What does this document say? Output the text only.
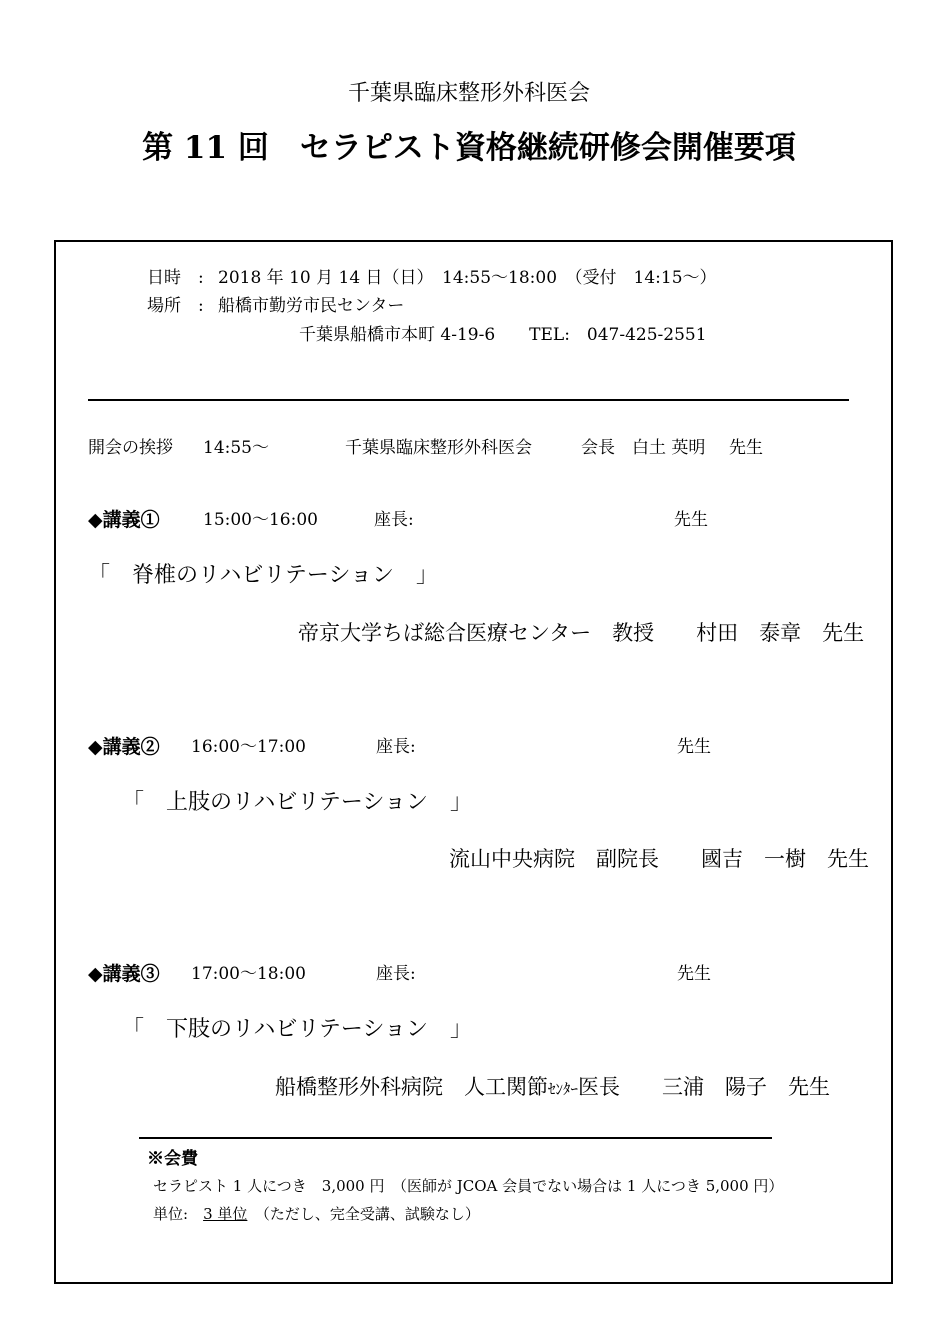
千葉県臨床整形外科医会
第 11 回　セラピスト資格継続研修会開催要項
日時 : 2018 年 10 月 14 日（日）　14:55〜18:00　（受付　14:15〜）
場所 : 船橋市勤労市民センター
千葉県船橋市本町 4-19-6　　TEL:　047-425-2551
開会の挨拶 14:55〜	千葉県臨床整形外科医会	会長 白土 英明 先生
◆講義①	15:00〜16:00	座長:	先生
「　脊椎のリハビリテーション　」
帝京大学ちば総合医療センター　教授　　村田　泰章　先生
◆講義② 16:00〜17:00	座長:	先生
「　上肢のリハビリテーション　」
流山中央病院　副院長　　國吉　一樹　先生
◆講義③ 17:00〜18:00	座長:	先生
「　下肢のリハビリテーション　」
船橋整形外科病院　人工関節ｾﾝﾀｰ医長　　三浦　陽子　先生
※会費
セラピスト 1 人につき　3,000 円　（医師が JCOA 会員でない場合は 1 人につき 5,000 円）
単位:　 3 単位　 （ただし、完全受講、試験なし）
